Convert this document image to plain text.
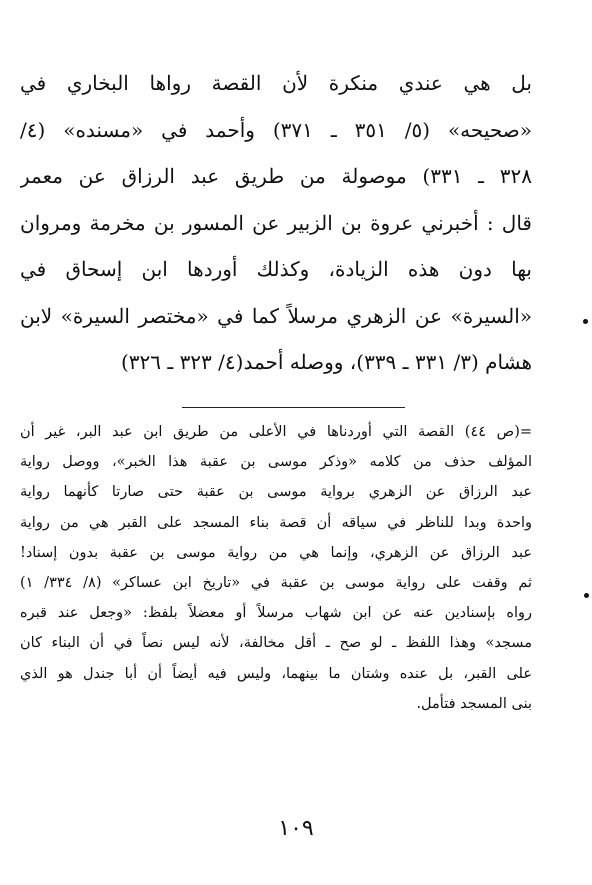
بل هي عندي منكرة لأن القصة رواها البخاري في
«صحيحه» (٥/ ٣٥١ ـ ٣٧١) وأحمد في «مسنده» (٤/
٣٢٨ ـ ٣٣١) موصولة من طريق عبد الرزاق عن معمر
قال : أخبرني عروة بن الزبير عن المسور بن مخرمة ومروان
بها دون هذه الزيادة، وكذلك أوردها ابن إسحاق في
«السيرة» عن الزهري مرسلاً كما في «مختصر السيرة» لابن
هشام (٣/ ٣٣١ ـ ٣٣٩)، ووصله أحمد(٤/ ٣٢٣ ـ ٣٢٦)
=(ص ٤٤) القصة التي أوردناها في الأعلى من طريق ابن عبد البر، غير أن
المؤلف حذف من كلامه «وذكر موسى بن عقبة هذا الخبر»، ووصل رواية
عبد الرزاق عن الزهري برواية موسى بن عقبة حتى صارتا كأنهما رواية
واحدة وبدا للناظر في سياقه أن قصة بناء المسجد على القبر هي من رواية
عبد الرزاق عن الزهري، وإنما هي من رواية موسى بن عقبة بدون إسناد!
ثم وقفت على رواية موسى بن عقبة في «تاريخ ابن عساكر» (٨/ ٣٣٤/ ١)
رواه بإسنادين عنه عن ابن شهاب مرسلاً أو معضلاً بلفظ: «وجعل عند قبره
مسجد» وهذا اللفظ ـ لو صح ـ أقل مخالفة، لأنه ليس نصاً في أن البناء كان
على القبر، بل عنده وشتان ما بينهما، وليس فيه أيضاً أن أبا جندل هو الذي
بنى المسجد فتأمل.
١٠٩
